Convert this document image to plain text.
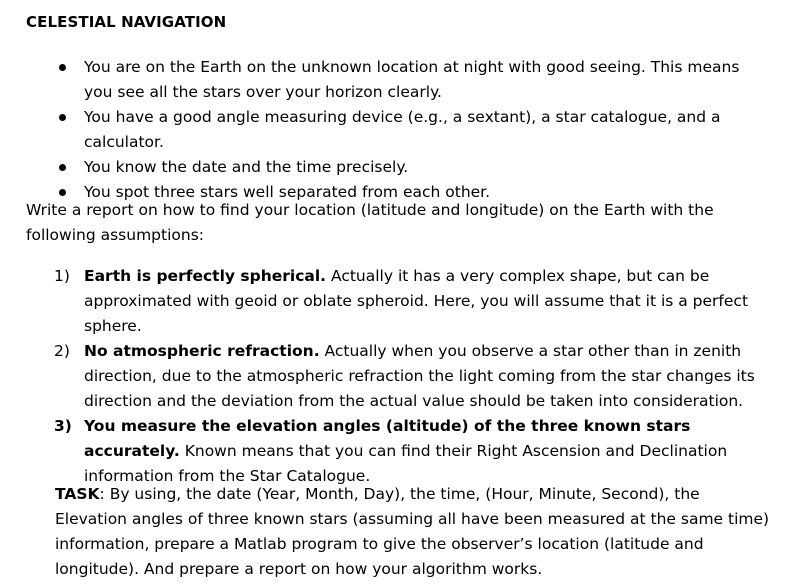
CELESTIAL NAVIGATION
You are on the Earth on the unknown location at night with good seeing. This means you see all the stars over your horizon clearly.
You have a good angle measuring device (e.g., a sextant), a star catalogue, and a calculator.
You know the date and the time precisely.
You spot three stars well separated from each other.
Write a report on how to find your location (latitude and longitude) on the Earth with the following assumptions:
1) Earth is perfectly spherical. Actually it has a very complex shape, but can be approximated with geoid or oblate spheroid. Here, you will assume that it is a perfect sphere.
2) No atmospheric refraction. Actually when you observe a star other than in zenith direction, due to the atmospheric refraction the light coming from the star changes its direction and the deviation from the actual value should be taken into consideration.
3) You measure the elevation angles (altitude) of the three known stars accurately. Known means that you can find their Right Ascension and Declination information from the Star Catalogue.
TASK: By using, the date (Year, Month, Day), the time, (Hour, Minute, Second), the Elevation angles of three known stars (assuming all have been measured at the same time) information, prepare a Matlab program to give the observer’s location (latitude and longitude). And prepare a report on how your algorithm works.
